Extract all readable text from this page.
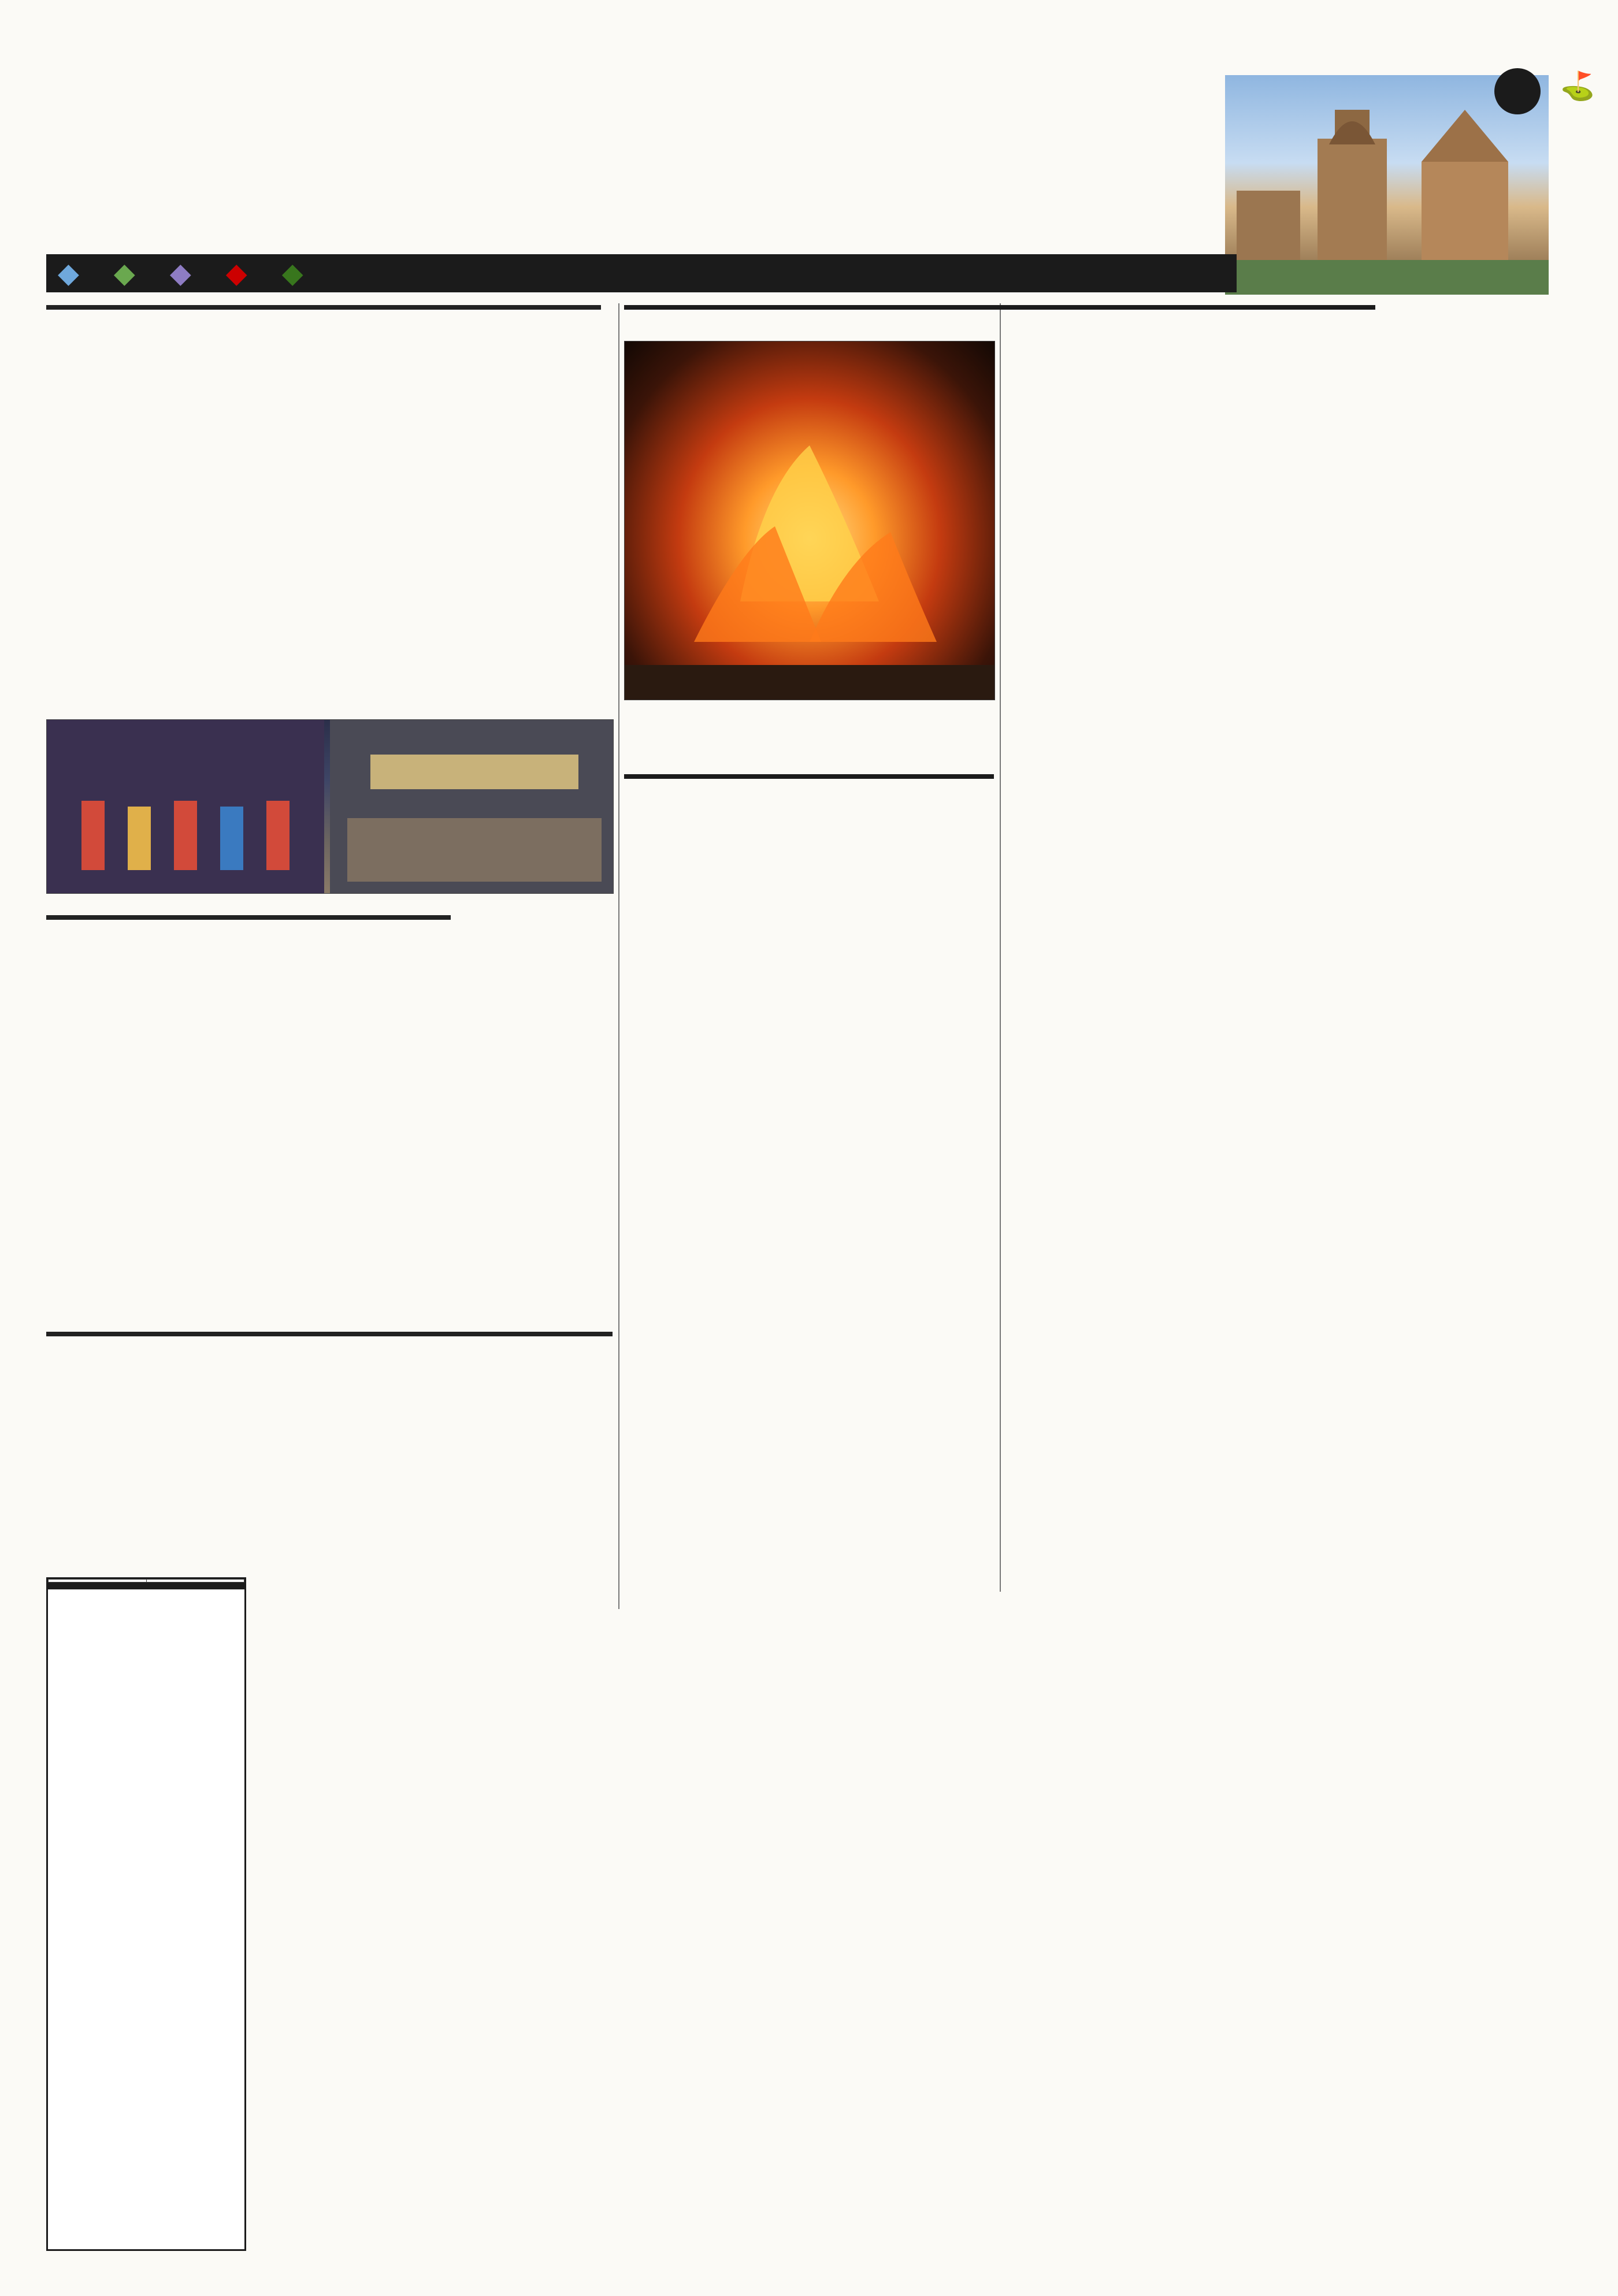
⛳
◆ ◆ ◆ ◆ ◆
